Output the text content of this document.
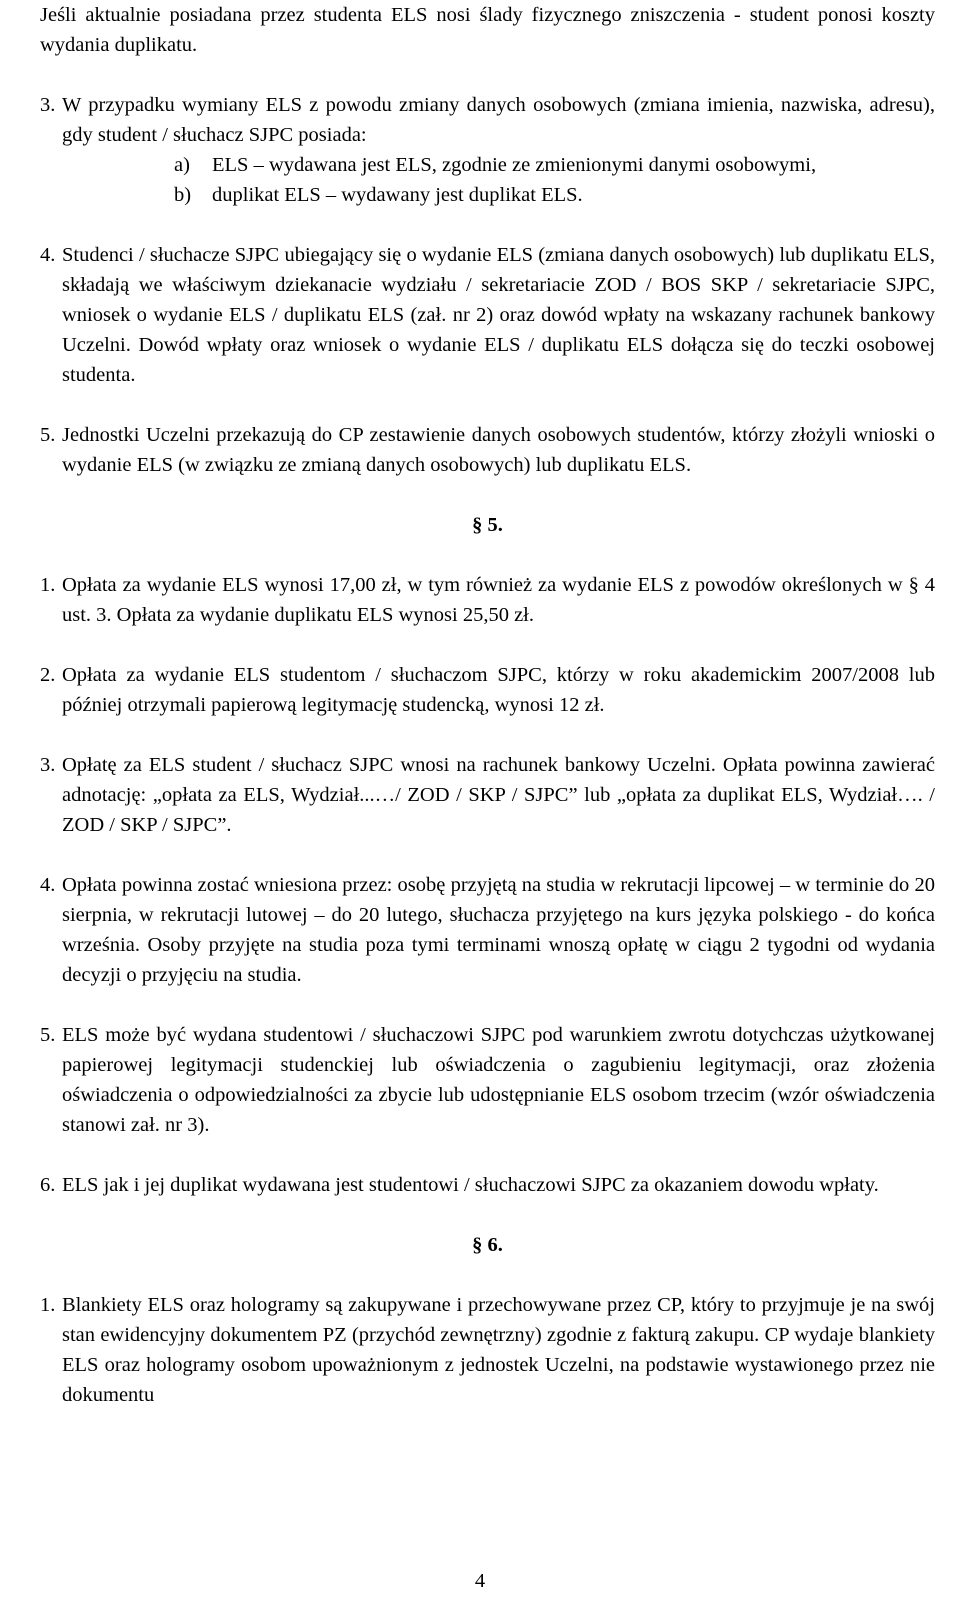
Jeśli aktualnie posiadana przez studenta ELS nosi ślady fizycznego zniszczenia - student ponosi koszty wydania duplikatu.

3. W przypadku wymiany ELS z powodu zmiany danych osobowych (zmiana imienia, nazwiska, adresu), gdy student / słuchacz SJPC posiada:
a)	ELS – wydawana jest ELS, zgodnie ze zmienionymi danymi osobowymi,
b)	duplikat ELS – wydawany jest duplikat ELS.
4. Studenci / słuchacze SJPC ubiegający się o wydanie ELS (zmiana danych osobowych) lub duplikatu ELS, składają we właściwym dziekanacie wydziału / sekretariacie ZOD / BOS SKP / sekretariacie SJPC, wniosek o wydanie ELS / duplikatu ELS (zał. nr 2) oraz dowód wpłaty na wskazany rachunek bankowy Uczelni. Dowód wpłaty oraz wniosek o wydanie ELS / duplikatu ELS dołącza się do teczki osobowej studenta.
5. Jednostki Uczelni przekazują do CP zestawienie danych osobowych studentów, którzy złożyli wnioski o wydanie ELS (w związku ze zmianą danych osobowych) lub duplikatu ELS.

§ 5.

1. Opłata za wydanie ELS wynosi 17,00 zł, w tym również za wydanie ELS z powodów określonych w § 4 ust. 3. Opłata za wydanie duplikatu ELS wynosi 25,50 zł.
2. Opłata za wydanie ELS studentom / słuchaczom SJPC, którzy w roku akademickim 2007/2008 lub później otrzymali papierową legitymację studencką, wynosi 12 zł.
3. Opłatę za ELS student / słuchacz SJPC wnosi na rachunek bankowy Uczelni. Opłata powinna zawierać adnotację: „opłata za ELS, Wydział...…/ ZOD / SKP / SJPC” lub „opłata za duplikat ELS, Wydział…. / ZOD / SKP / SJPC”.
4. Opłata powinna zostać wniesiona przez: osobę przyjętą na studia w rekrutacji lipcowej – w terminie do 20 sierpnia, w rekrutacji lutowej – do 20 lutego, słuchacza przyjętego na kurs języka polskiego - do końca września. Osoby przyjęte na studia poza tymi terminami wnoszą opłatę w ciągu 2 tygodni od wydania decyzji o przyjęciu na studia.
5. ELS może być wydana studentowi / słuchaczowi SJPC pod warunkiem zwrotu dotychczas użytkowanej papierowej legitymacji studenckiej lub oświadczenia o zagubieniu legitymacji, oraz złożenia oświadczenia o odpowiedzialności za zbycie lub udostępnianie ELS osobom trzecim (wzór oświadczenia stanowi zał. nr 3).
6. ELS jak i jej duplikat wydawana jest studentowi / słuchaczowi SJPC za okazaniem dowodu wpłaty.

§ 6.

1. Blankiety ELS oraz hologramy są zakupywane i przechowywane przez CP, który to przyjmuje je na swój stan ewidencyjny dokumentem PZ (przychód zewnętrzny) zgodnie z fakturą zakupu. CP wydaje blankiety ELS oraz hologramy osobom upoważnionym z jednostek Uczelni, na podstawie wystawionego przez nie dokumentu
4
